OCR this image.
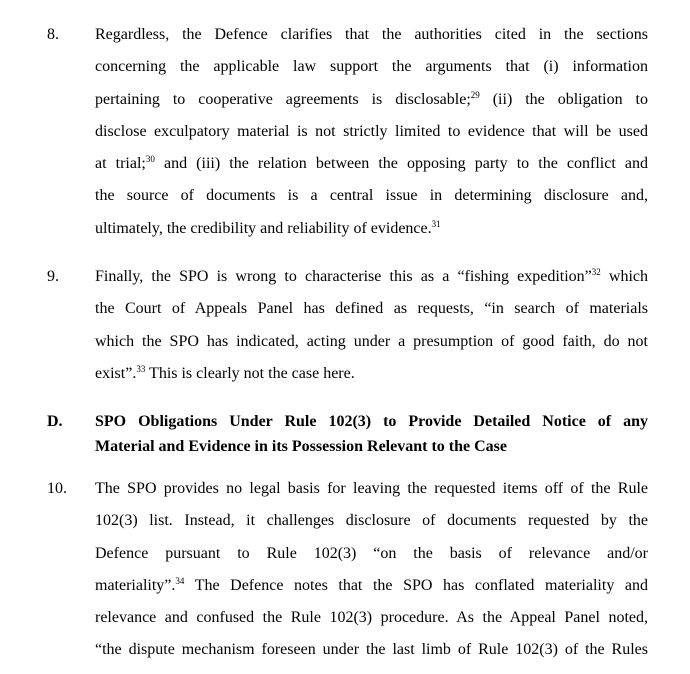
8. Regardless, the Defence clarifies that the authorities cited in the sections
concerning the applicable law support the arguments that (i) information
pertaining to cooperative agreements is disclosable;$^{29}$ (ii) the obligation to
disclose exculpatory material is not strictly limited to evidence that will be used
at trial;$^{30}$ and (iii) the relation between the opposing party to the conflict and
the source of documents is a central issue in determining disclosure and,
ultimately, the credibility and reliability of evidence.$^{31}$
9. Finally, the SPO is wrong to characterise this as a “fishing expedition”$^{32}$ which
the Court of Appeals Panel has defined as requests, “in search of materials
which the SPO has indicated, acting under a presumption of good faith, do not
exist”.$^{33}$ This is clearly not the case here.
D. SPO Obligations Under Rule 102(3) to Provide Detailed Notice of any
Material and Evidence in its Possession Relevant to the Case
10. The SPO provides no legal basis for leaving the requested items off of the Rule
102(3) list. Instead, it challenges disclosure of documents requested by the
Defence pursuant to Rule 102(3) “on the basis of relevance and/or
materiality”.$^{34}$ The Defence notes that the SPO has conflated materiality and
relevance and confused the Rule 102(3) procedure. As the Appeal Panel noted,
“the dispute mechanism foreseen under the last limb of Rule 102(3) of the Rules
